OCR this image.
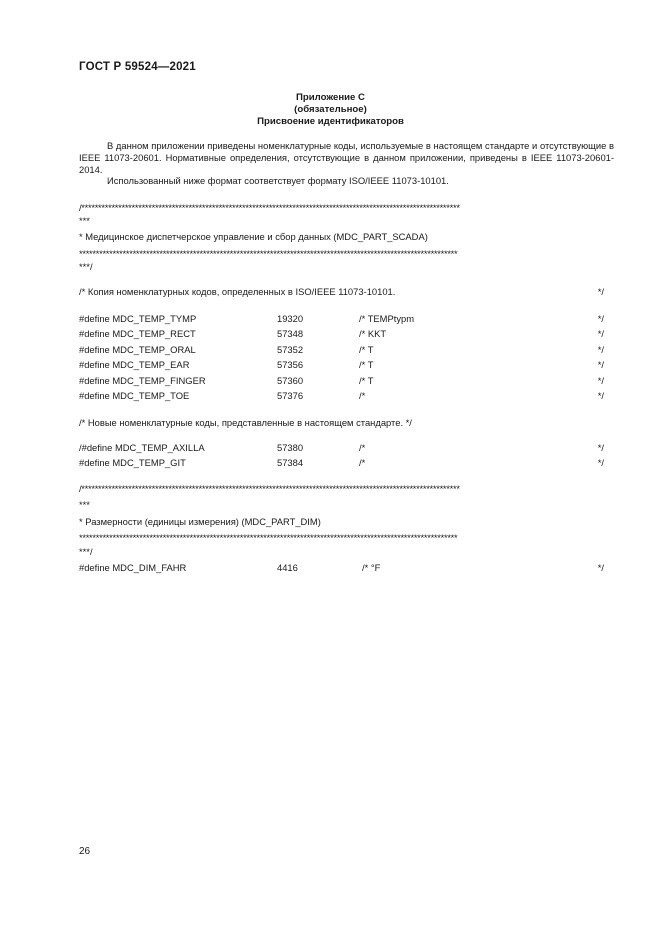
ГОСТ Р 59524—2021
Приложение С
(обязательное)
Присвоение идентификаторов

В данном приложении приведены номенклатурные коды, используемые в настоящем стандарте и отсутствующие в IEEE 11073-20601. Нормативные определения, отсутствующие в данном приложении, приведены в IEEE 11073-20601-2014.

Использованный ниже формат соответствует формату ISO/IEEE 11073-10101.

/*****************************************************************************************************************
***
* Медицинское диспетчерское управление и сбор данных (MDC_PART_SCADA)
*****************************************************************************************************************
***/
/* Копия номенклатурных кодов, определенных в ISO/IEEE 11073-10101.	*/
#define MDC_TEMP_TYMP	19320	/* TEMPtypm	*/
#define MDC_TEMP_RECT	57348	/* KKT	*/
#define MDC_TEMP_ORAL	57352	/* T	*/
#define MDC_TEMP_EAR	57356	/* T	*/
#define MDC_TEMP_FINGER	57360	/* T	*/
#define MDC_TEMP_TOE	57376	/*	*/
/* Новые номенклатурные коды, представленные в настоящем стандарте. */
/#define MDC_TEMP_AXILLA	57380	/*	*/
#define MDC_TEMP_GIT	57384	/*	*/
/*****************************************************************************************************************
***
* Размерности (единицы измерения) (MDC_PART_DIM)
*****************************************************************************************************************
***/
#define MDC_DIM_FAHR	4416	/* °F	*/
26
